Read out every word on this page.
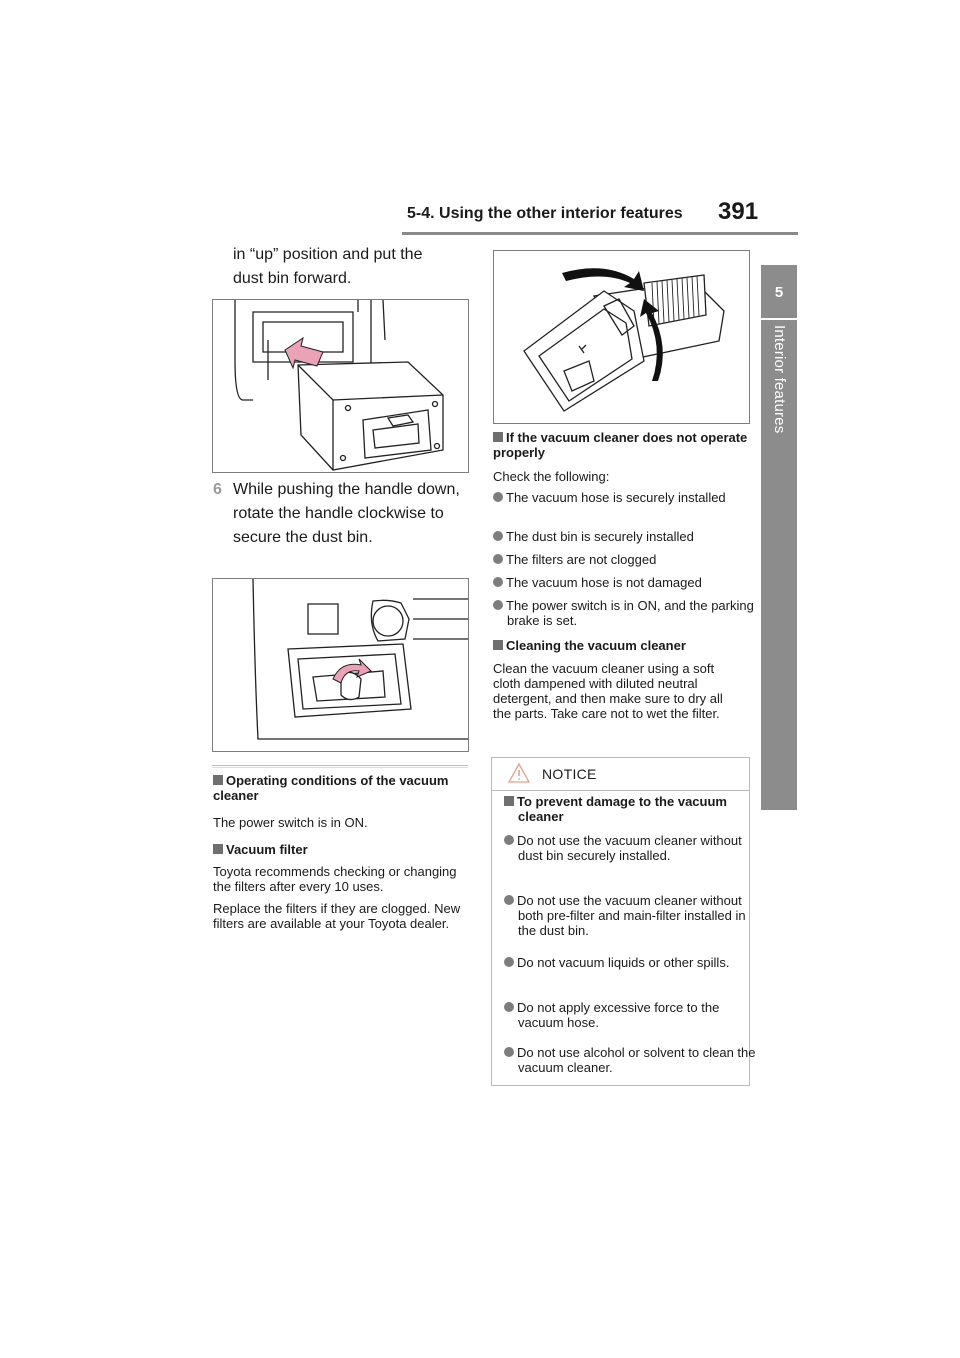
5-4. Using the other interior features 391
5
Interior features
in “up” position and put the
dust bin forward.
6 While pushing the handle down, rotate the handle clockwise to secure the dust bin.
Operating conditions of the vacuum cleaner
The power switch is in ON.
Vacuum filter
Toyota recommends checking or changing the filters after every 10 uses.
Replace the filters if they are clogged. New filters are available at your Toyota dealer.
If the vacuum cleaner does not operate properly
Check the following:
The vacuum hose is securely installed
The dust bin is securely installed
The filters are not clogged
The vacuum hose is not damaged
The power switch is in ON, and the parking brake is set.
Cleaning the vacuum cleaner
Clean the vacuum cleaner using a soft cloth dampened with diluted neutral detergent, and then make sure to dry all the parts. Take care not to wet the filter.
NOTICE
To prevent damage to the vacuum cleaner
Do not use the vacuum cleaner without dust bin securely installed.
Do not use the vacuum cleaner without both pre-filter and main-filter installed in the dust bin.
Do not vacuum liquids or other spills.
Do not apply excessive force to the vacuum hose.
Do not use alcohol or solvent to clean the vacuum cleaner.
